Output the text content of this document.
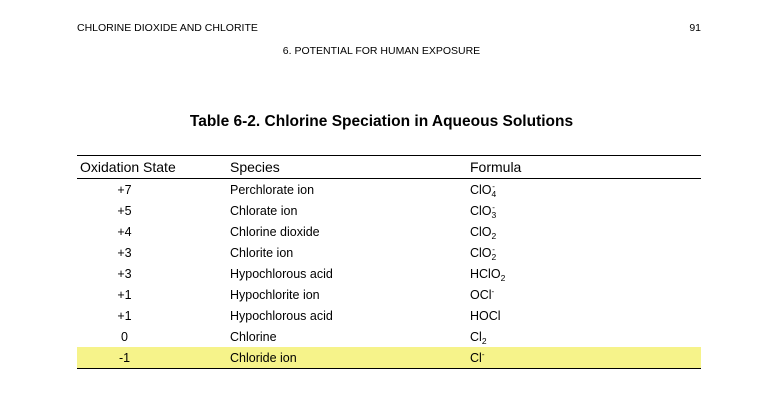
CHLORINE DIOXIDE AND CHLORITE	91
6. POTENTIAL FOR HUMAN EXPOSURE
Table 6-2. Chlorine Speciation in Aqueous Solutions
Oxidation State	Species	Formula
+7	Perchlorate ion	ClO$_4$-
+5	Chlorate ion	ClO$_3$-
+4	Chlorine dioxide	ClO$_2$
+3	Chlorite ion	ClO$_2$-
+3	Hypochlorous acid	HClO$_2$
+1	Hypochlorite ion	OCl-
+1	Hypochlorous acid	HOCl
0	Chlorine	$Cl_2$
-1	Chloride ion	Cl-
